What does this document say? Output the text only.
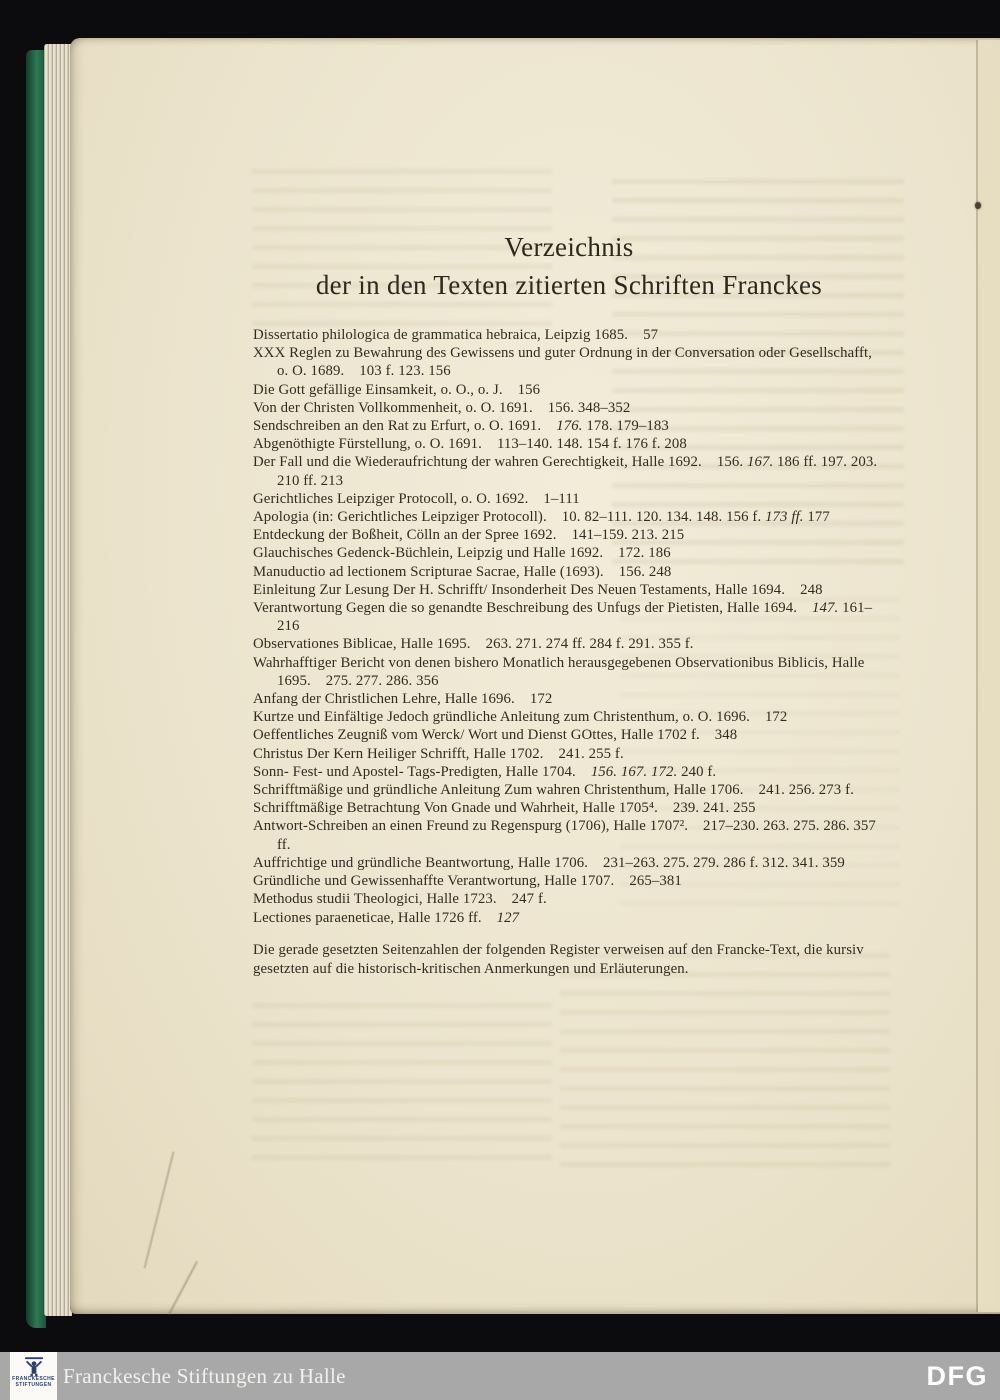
Verzeichnis
der in den Texten zitierten Schriften Franckes
Dissertatio philologica de grammatica hebraica, Leipzig 1685. 57
XXX Reglen zu Bewahrung des Gewissens und guter Ordnung in der Conversation oder Gesellschafft, o. O. 1689. 103 f. 123. 156
Die Gott gefällige Einsamkeit, o. O., o. J. 156
Von der Christen Vollkommenheit, o. O. 1691. 156. 348–352
Sendschreiben an den Rat zu Erfurt, o. O. 1691. 176. 178. 179–183
Abgenöthigte Fürstellung, o. O. 1691. 113–140. 148. 154 f. 176 f. 208
Der Fall und die Wiederaufrichtung der wahren Gerechtigkeit, Halle 1692. 156. 167. 186 ff. 197. 203. 210 ff. 213
Gerichtliches Leipziger Protocoll, o. O. 1692. 1–111
Apologia (in: Gerichtliches Leipziger Protocoll). 10. 82–111. 120. 134. 148. 156 f. 173 ff. 177
Entdeckung der Boßheit, Cölln an der Spree 1692. 141–159. 213. 215
Glauchisches Gedenck-Büchlein, Leipzig und Halle 1692. 172. 186
Manuductio ad lectionem Scripturae Sacrae, Halle (1693). 156. 248
Einleitung Zur Lesung Der H. Schrifft/ Insonderheit Des Neuen Testaments, Halle 1694. 248
Verantwortung Gegen die so genandte Beschreibung des Unfugs der Pietisten, Halle 1694. 147. 161–216
Observationes Biblicae, Halle 1695. 263. 271. 274 ff. 284 f. 291. 355 f.
Wahrhafftiger Bericht von denen bishero Monatlich herausgegebenen Observationibus Biblicis, Halle 1695. 275. 277. 286. 356
Anfang der Christlichen Lehre, Halle 1696. 172
Kurtze und Einfältige Jedoch gründliche Anleitung zum Christenthum, o. O. 1696. 172
Oeffentliches Zeugniß vom Werck/ Wort und Dienst GOttes, Halle 1702 f. 348
Christus Der Kern Heiliger Schrifft, Halle 1702. 241. 255 f.
Sonn- Fest- und Apostel- Tags-Predigten, Halle 1704. 156. 167. 172. 240 f.
Schrifftmäßige und gründliche Anleitung Zum wahren Christenthum, Halle 1706. 241. 256. 273 f.
Schrifftmäßige Betrachtung Von Gnade und Wahrheit, Halle 1705⁴. 239. 241. 255
Antwort-Schreiben an einen Freund zu Regenspurg (1706), Halle 1707². 217–230. 263. 275. 286. 357 ff.
Auffrichtige und gründliche Beantwortung, Halle 1706. 231–263. 275. 279. 286 f. 312. 341. 359
Gründliche und Gewissenhaffte Verantwortung, Halle 1707. 265–381
Methodus studii Theologici, Halle 1723. 247 f.
Lectiones paraeneticae, Halle 1726 ff. 127
Die gerade gesetzten Seitenzahlen der folgenden Register verweisen auf den Francke-Text, die kursiv gesetzten auf die historisch-kritischen Anmerkungen und Erläuterungen.
FRANCKESCHE
STIFTUNGEN Franckesche Stiftungen zu Halle	DFG
